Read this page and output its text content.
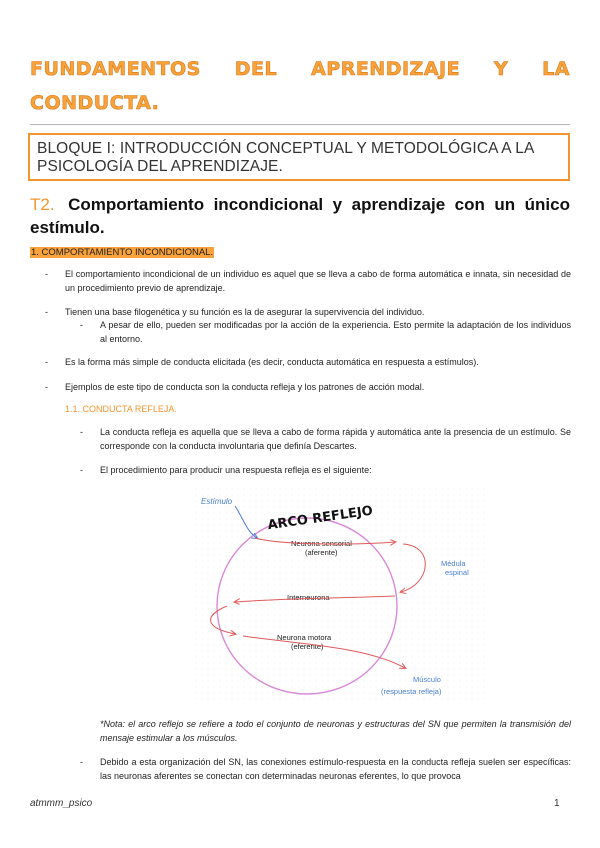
FUNDAMENTOS DEL APRENDIZAJE Y LA
CONDUCTA.
BLOQUE I: INTRODUCCIÓN CONCEPTUAL Y METODOLÓGICA A LA PSICOLOGÍA DEL APRENDIZAJE.
T2. Comportamiento incondicional y aprendizaje con un único estímulo.
1. COMPORTAMIENTO INCONDICIONAL.
- El comportamiento incondicional de un individuo es aquel que se lleva a cabo de forma automática e innata, sin necesidad de un procedimiento previo de aprendizaje.
- Tienen una base filogenética y su función es la de asegurar la supervivencia del individuo.
- A pesar de ello, pueden ser modificadas por la acción de la experiencia. Esto permite la adaptación de los individuos al entorno.
- Es la forma más simple de conducta elicitada (es decir, conducta automática en respuesta a estímulos).
- Ejemplos de este tipo de conducta son la conducta refleja y los patrones de acción modal.
1.1. CONDUCTA REFLEJA.
- La conducta refleja es aquella que se lleva a cabo de forma rápida y automática ante la presencia de un estímulo. Se corresponde con la conducta involuntaria que definía Descartes.
- El procedimiento para producir una respuesta refleja es el siguiente:
ARCO REFLEJO
Estímulo
Neurona sensorial
(aferente)
Médula
espinal
Interneurona
Neurona motora
(eferente)
Músculo
(respuesta refleja)
*Nota: el arco reflejo se refiere a todo el conjunto de neuronas y estructuras del SN que permiten la transmisión del mensaje estimular a los músculos.
- Debido a esta organización del SN, las conexiones estímulo-respuesta en la conducta refleja suelen ser específicas: las neuronas aferentes se conectan con determinadas neuronas eferentes, lo que provoca
atmmm_psico	1
